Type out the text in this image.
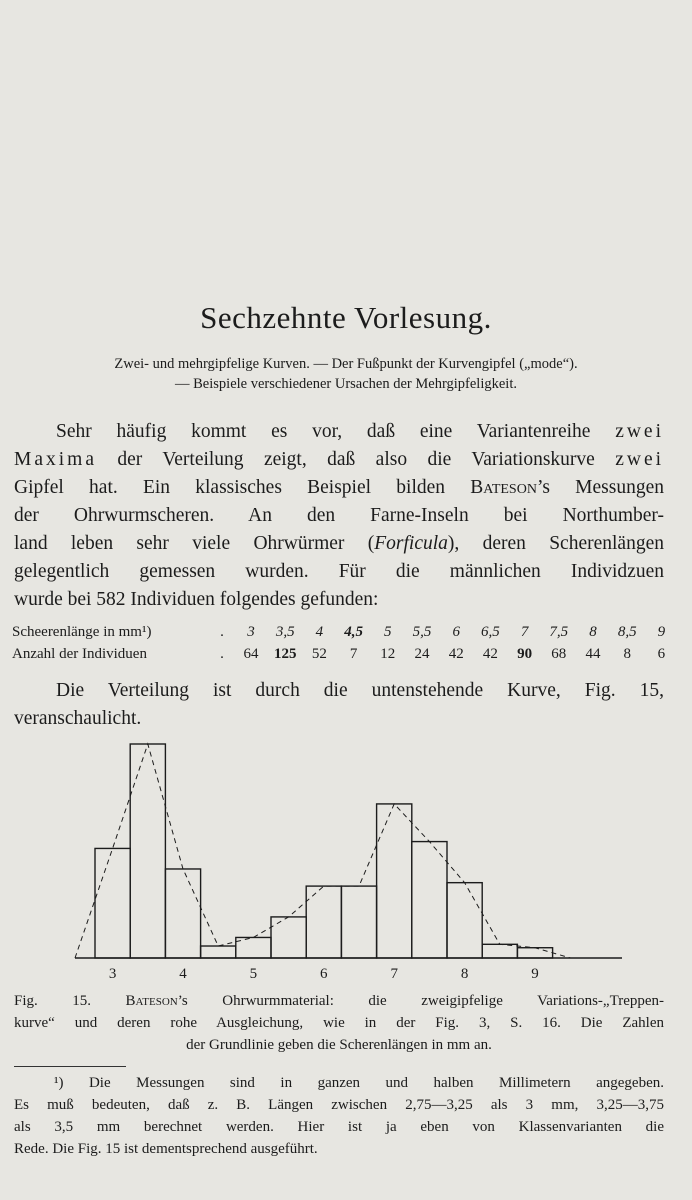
Sechzehnte Vorlesung.
Zwei- und mehrgipfelige Kurven. — Der Fußpunkt der Kurvengipfel („mode“).
— Beispiele verschiedener Ursachen der Mehrgipfeligkeit.
Sehr häufig kommt es vor, daß eine Variantenreihe zwei
Maxima der Verteilung zeigt, daß also die Variationskurve zwei
Gipfel hat. Ein klassisches Beispiel bilden Bateson’s Messungen
der Ohrwurmscheren. An den Farne-Inseln bei Northumber-
land leben sehr viele Ohrwürmer (Forficula), deren Scherenlängen
gelegentlich gemessen wurden. Für die männlichen Individzuen
wurde bei 582 Individuen folgendes gefunden:
Scheerenlänge in mm¹)	.	3	3,5	4	4,5	5	5,5	6	6,5	7	7,5	8	8,5	9
Anzahl der Individuen	.	64	125	52	7	12	24	42	42	90	68	44	8	6
Die Verteilung ist durch die untenstehende Kurve, Fig. 15,
veranschaulicht.
3	4	5	6	7	8	9
Fig. 15. Bateson’s Ohrwurmmaterial: die zweigipfelige Variations-„Treppen-
kurve“ und deren rohe Ausgleichung, wie in der Fig. 3, S. 16. Die Zahlen
der Grundlinie geben die Scherenlängen in mm an.
¹) Die Messungen sind in ganzen und halben Millimetern angegeben.
Es muß bedeuten, daß z. B. Längen zwischen 2,75—3,25 als 3 mm, 3,25—3,75
als 3,5 mm berechnet werden. Hier ist ja eben von Klassenvarianten die
Rede. Die Fig. 15 ist dementsprechend ausgeführt.
